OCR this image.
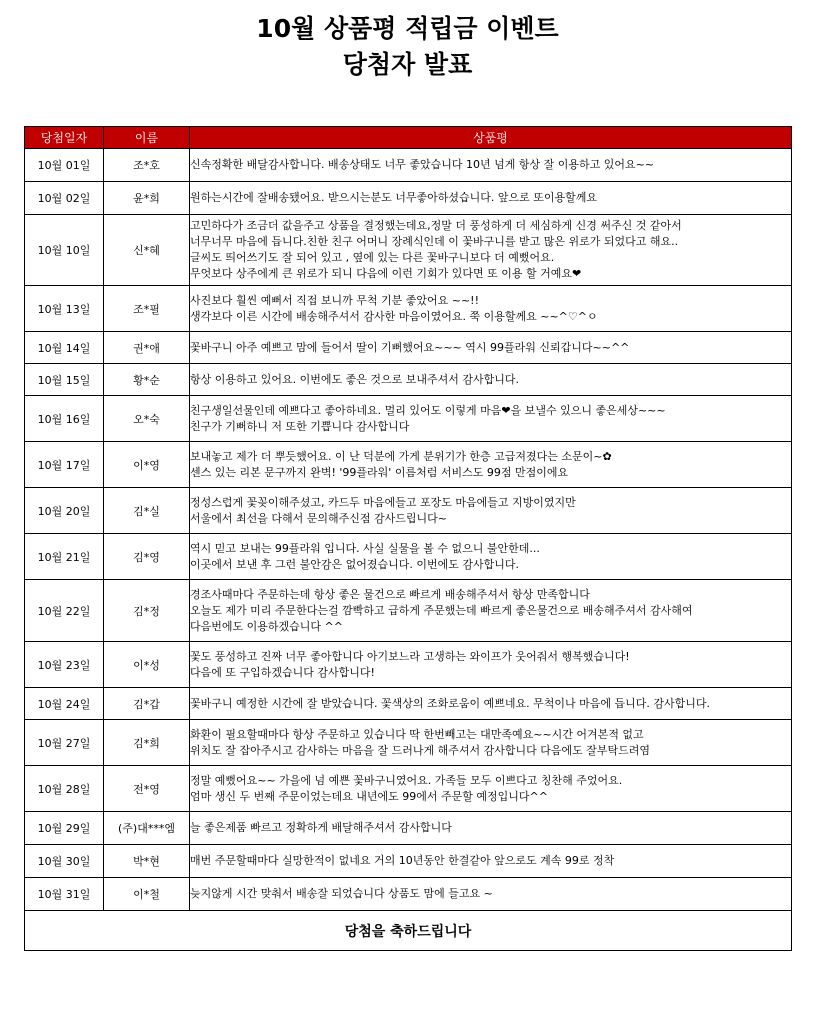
10월 상품평 적립금 이벤트
당첨자 발표
당첨일자	이름	상품평
10월 01일	조*호	신속정확한 배달감사합니다. 배송상태도 너무 좋았습니다 10년 넘게 항상 잘 이용하고 있어요~~

10월 02일	윤*희	원하는시간에 잘배송됐어요. 받으시는분도 너무좋아하셨습니다. 앞으로 또이용할께요

10월 10일	신*혜	고민하다가 조금더 값을주고 상품을 결정했는데요,정말 더 풍성하게 더 세심하게 신경 써주신 것 같아서
너무너무 마음에 듭니다.친한 친구 어머니 장례식인데 이 꽃바구니를 받고 많은 위로가 되었다고 해요..
글씨도 띄어쓰기도 잘 되어 있고 , 옆에 있는 다른 꽃바구니보다 더 예뻤어요.
무엇보다 상주에게 큰 위로가 되니 다음에 이런 기회가 있다면 또 이용 할 거예요❤

10월 13일	조*필	사진보다 훨씬 예뻐서 직접 보니까 무척 기분 좋았어요 ~~!!
생각보다 이른 시간에 배송해주셔서 감사한 마음이였어요. 쭉 이용할께요 ~~^♡^ㅇ

10월 14일	권*애	꽃바구니 아주 예쁘고 맘에 들어서 딸이 기뻐했어요~~~ 역시 99플라워 신뢰갑니다~~^^

10월 15일	황*순	항상 이용하고 있어요. 이번에도 좋은 것으로 보내주셔서 감사합니다.

10월 16일	오*숙	친구생일선물인데 예쁘다고 좋아하네요. 멀리 있어도 이렇게 마음❤을 보낼수 있으니 좋은세상~~~
친구가 기뻐하니 저 또한 기쁩니다 감사합니다

10월 17일	이*영	보내놓고 제가 더 뿌듯했어요. 이 난 덕분에 가게 분위기가 한층 고급져졌다는 소문이~✿
센스 있는 리본 문구까지 완벽! '99플라워' 이름처럼 서비스도 99점 만점이에요

10월 20일	김*실	정성스럽게 꽃꽂이해주셨고, 카드두 마음에들고 포장도 마음에들고 지방이였지만
서울에서 최선을 다해서 문의해주신점 감사드립니다~

10월 21일	김*영	역시 믿고 보내는 99플라워 입니다. 사실 실물을 볼 수 없으니 불안한데...
이곳에서 보낸 후 그런 불안감은 없어졌습니다. 이번에도 감사합니다.

10월 22일	김*정	경조사때마다 주문하는데 항상 좋은 물건으로 빠르게 배송해주셔서 항상 만족합니다
오늘도 제가 미리 주문한다는걸 깜빡하고 급하게 주문했는데 빠르게 좋은물건으로 배송해주셔서 감사해여
다음번에도 이용하겠습니다 ^^

10월 23일	이*성	꽃도 풍성하고 진짜 너무 좋아합니다 아기보느라 고생하는 와이프가 웃어줘서 행복했습니다!
다음에 또 구입하겠습니다 감사합니다!

10월 24일	김*갑	꽃바구니 예정한 시간에 잘 받았습니다. 꽃색상의 조화로움이 예쁘네요. 무척이나 마음에 듭니다. 감사합니다.

10월 27일	김*희	화환이 필요할때마다 항상 주문하고 있습니다 딱 한번빼고는 대만족예요~~시간 어겨본적 없고
위치도 잘 잡아주시고 감사하는 마음을 잘 드러나게 해주셔서 감사합니다 다음에도 잘부탁드려염

10월 28일	전*영	정말 예뻤어요~~ 가을에 넘 예쁜 꽃바구니였어요. 가족들 모두 이쁘다고 칭찬해 주었어요.
엄마 생신 두 번째 주문이었는데요 내년에도 99에서 주문할 예정입니다^^

10월 29일	(주)대***엠	늘 좋은제품 빠르고 정확하게 배달해주셔서 감사합니다

10월 30일	박*현	매번 주문할때마다 실망한적이 없네요 거의 10년동안 한결같아 앞으로도 계속 99로 정착

10월 31일	이*철	늦지않게 시간 맞춰서 배송잘 되었습니다 상품도 맘에 들고요 ~

당첨을 축하드립니다		
